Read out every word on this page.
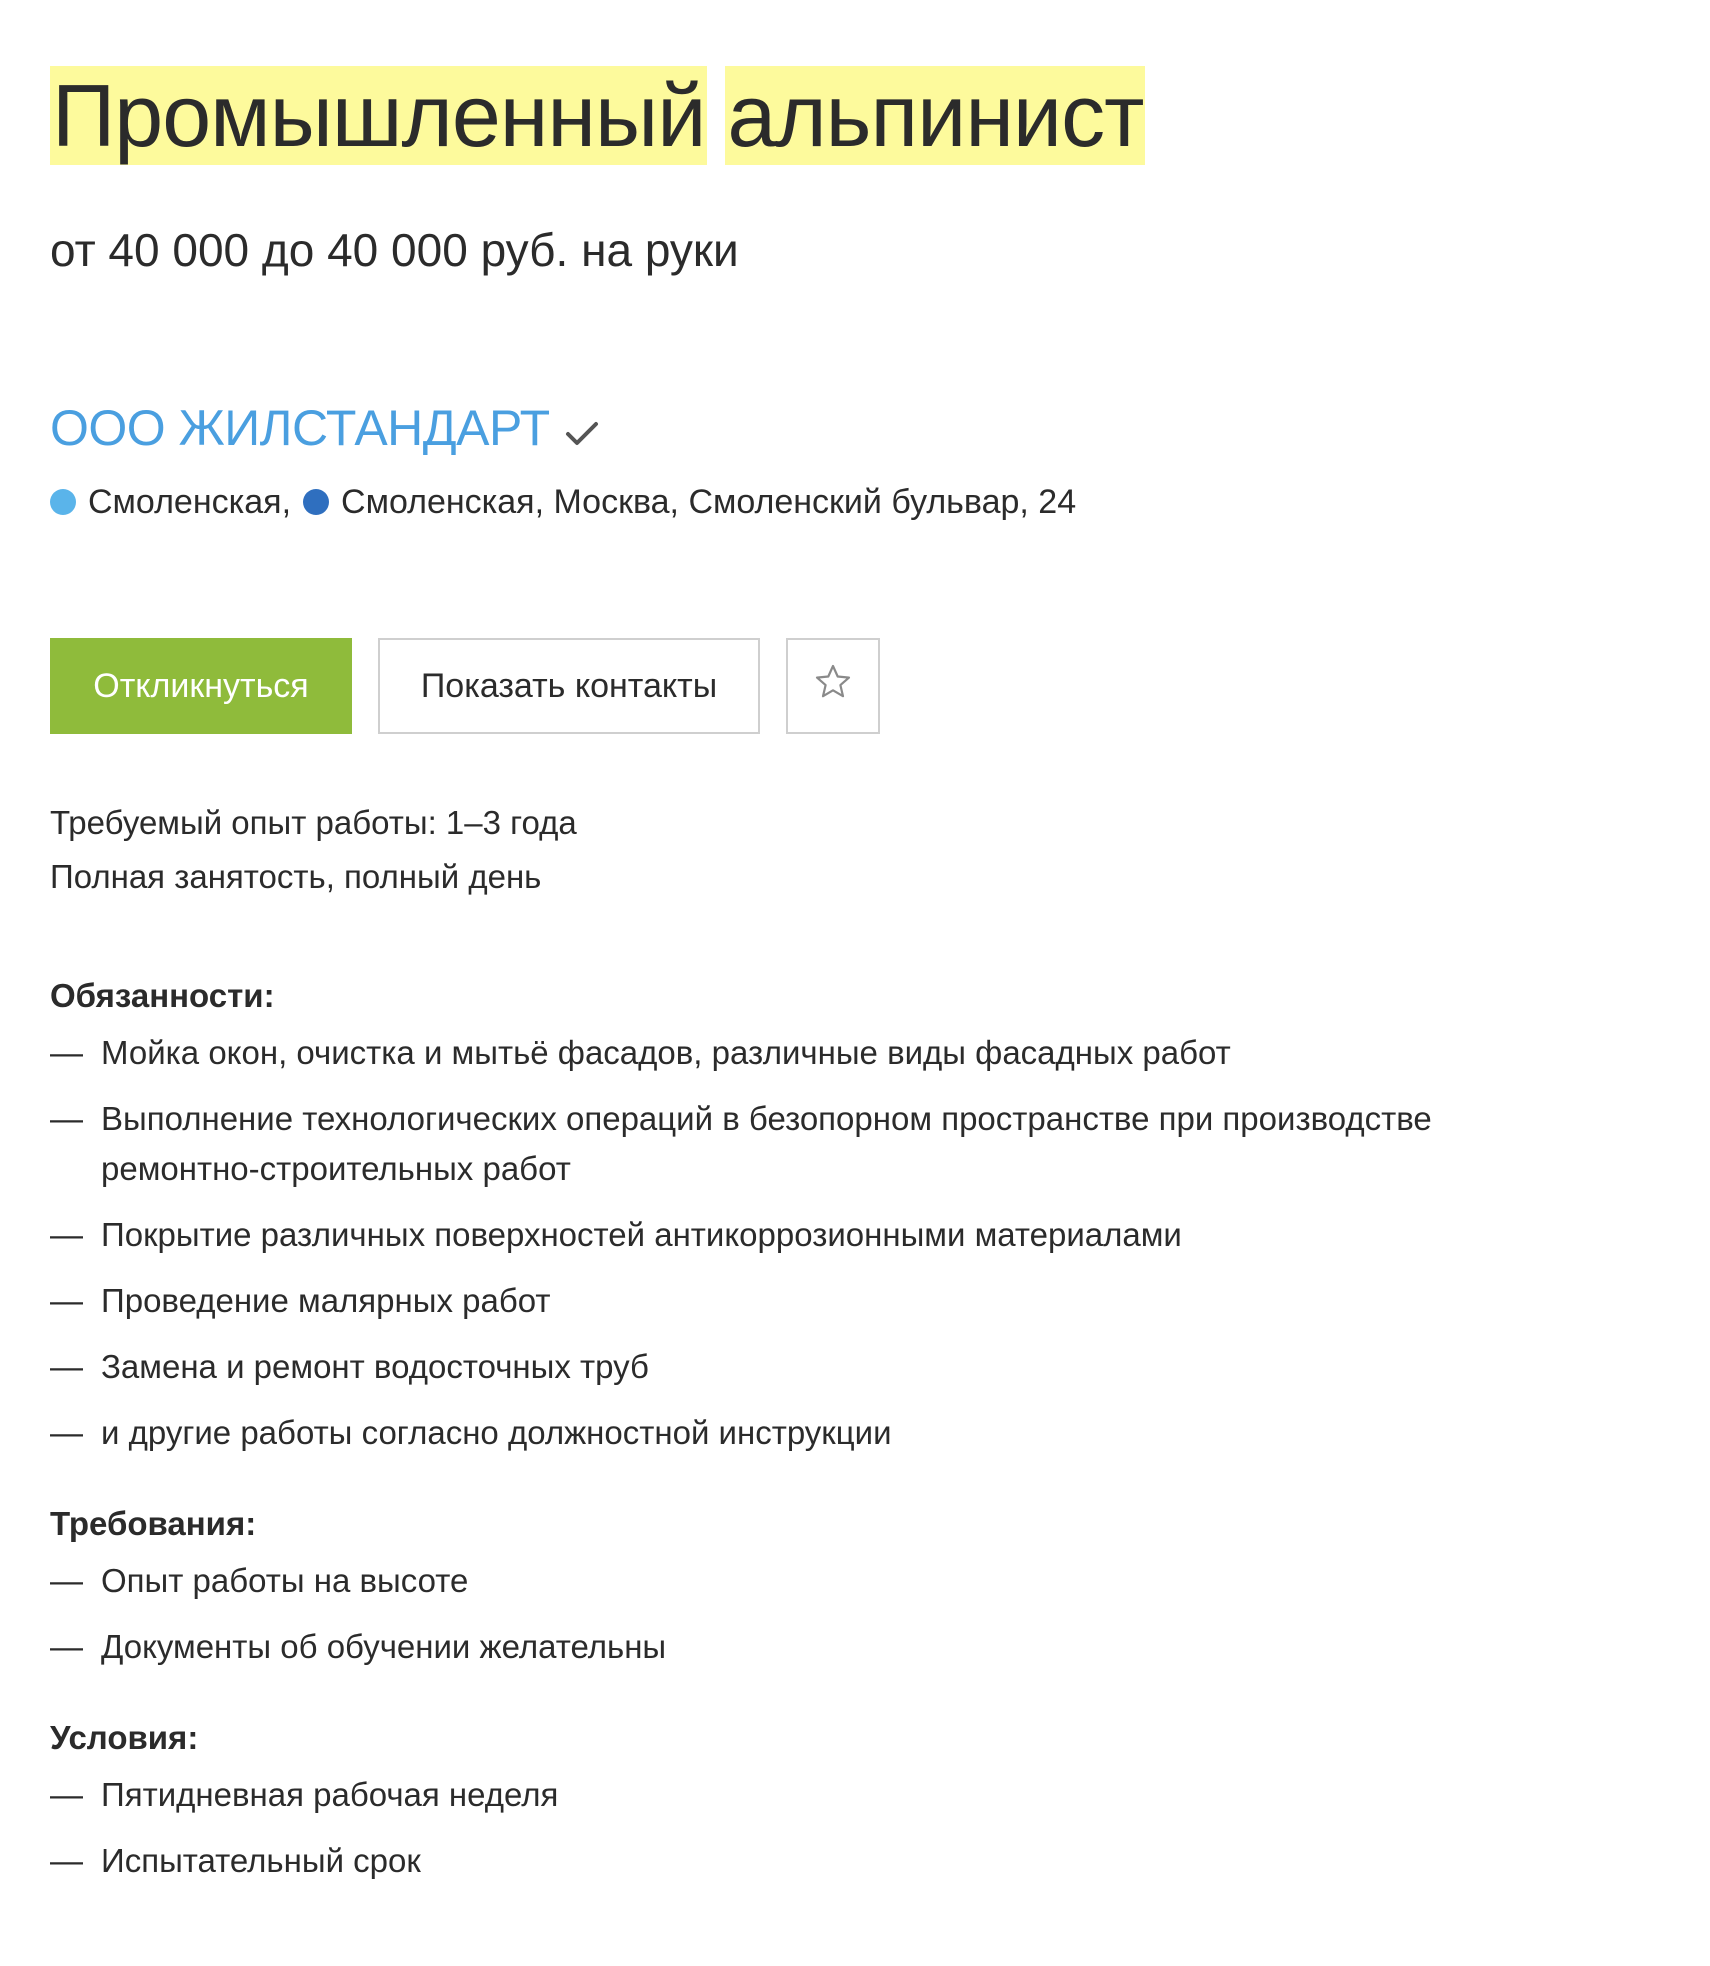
Промышленный альпинист
от 40 000 до 40 000 руб. на руки
ООО ЖИЛСТАНДАРТ
Смоленская , Смоленская , Москва, Смоленский бульвар, 24
Откликнуться	Показать контакты
Требуемый опыт работы: 1–3 года
Полная занятость, полный день

Обязанности:

— Мойка окон, очистка и мытьё фасадов, различные виды фасадных работ
— Выполнение технологических операций в безопорном пространстве при производстве ремонтно-строительных работ
— Покрытие различных поверхностей антикоррозионными материалами
— Проведение малярных работ
— Замена и ремонт водосточных труб
— и другие работы согласно должностной инструкции

Требования:

— Опыт работы на высоте
— Документы об обучении желательны

Условия:

— Пятидневная рабочая неделя
— Испытательный срок
